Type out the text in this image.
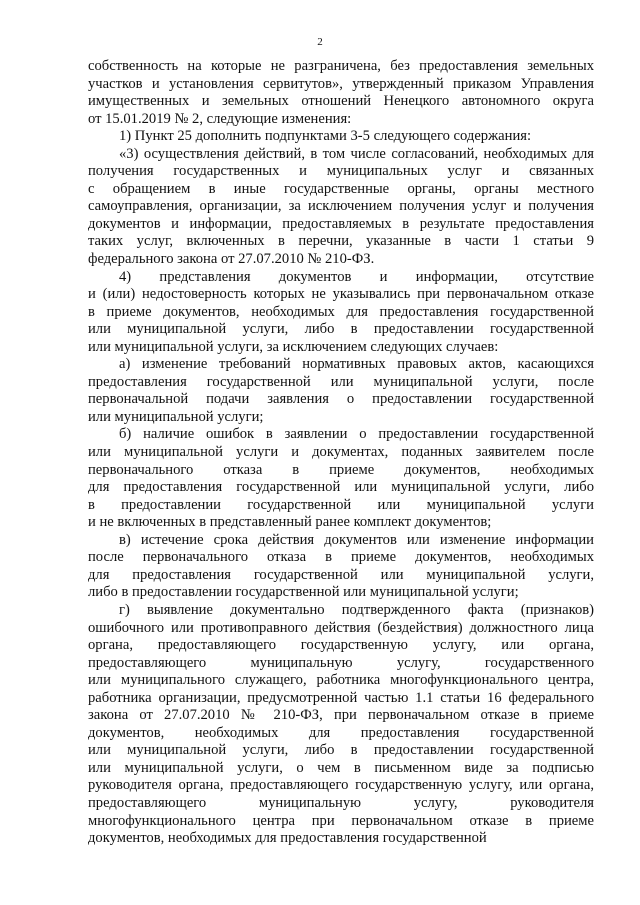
2

собственность на которые не разграничена, без предоставления земельных
участков и установления сервитутов», утвержденный приказом Управления
имущественных и земельных отношений Ненецкого автономного округа
от 15.01.2019 № 2, следующие изменения:

1) Пункт 25 дополнить подпунктами 3-5 следующего содержания:

«3) осуществления действий, в том числе согласований, необходимых для
получения государственных и муниципальных услуг и связанных
с обращением в иные государственные органы, органы местного
самоуправления, организации, за исключением получения услуг и получения
документов и информации, предоставляемых в результате предоставления
таких услуг, включенных в перечни, указанные в части 1 статьи 9
федерального закона от 27.07.2010 № 210-ФЗ.

4) представления документов и информации, отсутствие
и (или) недостоверность которых не указывались при первоначальном отказе
в приеме документов, необходимых для предоставления государственной
или муниципальной услуги, либо в предоставлении государственной
или муниципальной услуги, за исключением следующих случаев:

а) изменение требований нормативных правовых актов, касающихся
предоставления государственной или муниципальной услуги, после
первоначальной подачи заявления о предоставлении государственной
или муниципальной услуги;

б) наличие ошибок в заявлении о предоставлении государственной
или муниципальной услуги и документах, поданных заявителем после
первоначального отказа в приеме документов, необходимых
для предоставления государственной или муниципальной услуги, либо
в предоставлении государственной или муниципальной услуги
и не включенных в представленный ранее комплект документов;

в) истечение срока действия документов или изменение информации
после первоначального отказа в приеме документов, необходимых
для предоставления государственной или муниципальной услуги,
либо в предоставлении государственной или муниципальной услуги;

г) выявление документально подтвержденного факта (признаков)
ошибочного или противоправного действия (бездействия) должностного лица
органа, предоставляющего государственную услугу, или органа,
предоставляющего муниципальную услугу, государственного
или муниципального служащего, работника многофункционального центра,
работника организации, предусмотренной частью 1.1 статьи 16 федерального
закона от 27.07.2010 № 210-ФЗ, при первоначальном отказе в приеме
документов, необходимых для предоставления государственной
или муниципальной услуги, либо в предоставлении государственной
или муниципальной услуги, о чем в письменном виде за подписью
руководителя органа, предоставляющего государственную услугу, или органа,
предоставляющего муниципальную услугу, руководителя
многофункционального центра при первоначальном отказе в приеме
документов, необходимых для предоставления государственной
